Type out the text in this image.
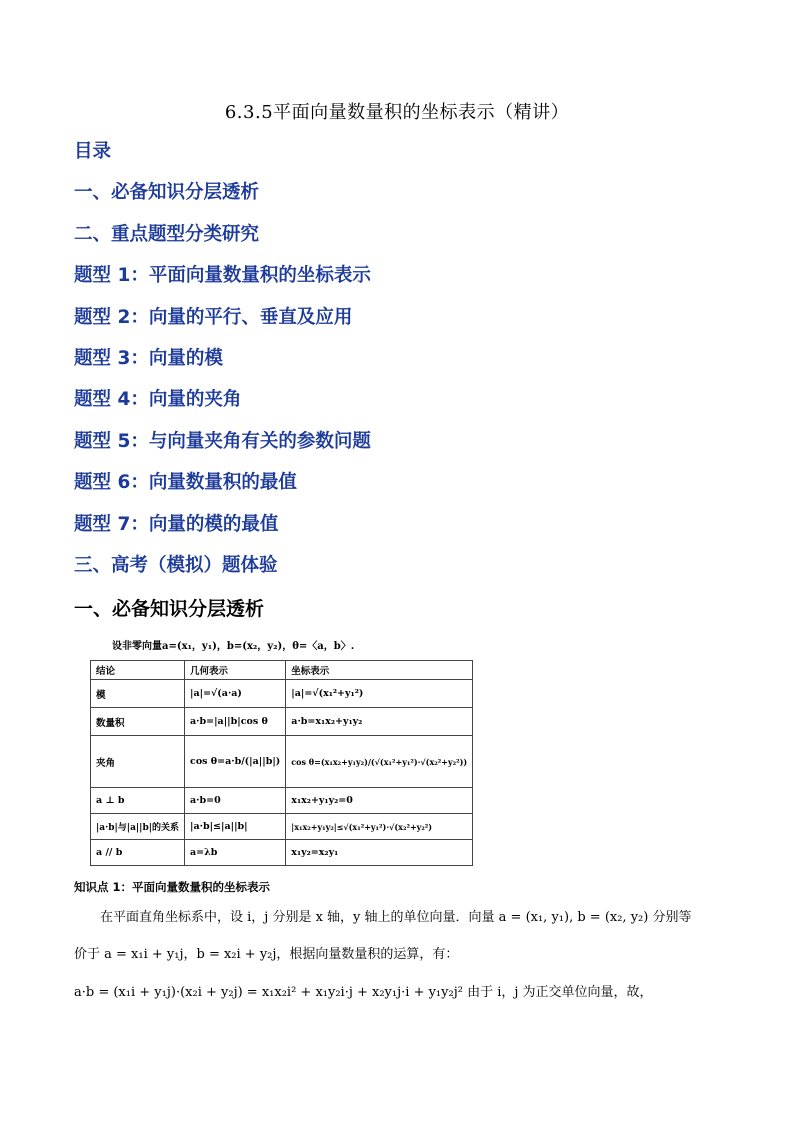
6.3.5平面向量数量积的坐标表示（精讲）
目录
一、必备知识分层透析
二、重点题型分类研究
题型 1：平面向量数量积的坐标表示
题型 2：向量的平行、垂直及应用
题型 3：向量的模
题型 4：向量的夹角
题型 5：与向量夹角有关的参数问题
题型 6：向量数量积的最值
题型 7：向量的模的最值
三、高考（模拟）题体验
一、必备知识分层透析
设非零向量a=(x₁，y₁)，b=(x₂，y₂)，θ=〈a，b〉.
结论	几何表示	坐标表示
模	|a|=√(a·a)	|a|=√(x₁²+y₁²)
数量积	a·b=|a||b|cos θ	a·b=x₁x₂+y₁y₂
夹角	cos θ=a·b/(|a||b|)	cos θ=(x₁x₂+y₁y₂)/(√(x₁²+y₁²)·√(x₂²+y₂²))
a ⊥ b	a·b=0	x₁x₂+y₁y₂=0
|a·b|与|a||b|的关系	|a·b|≤|a||b|	|x₁x₂+y₁y₂|≤√(x₁²+y₁²)·√(x₂²+y₂²)
a // b	a=λb	x₁y₂=x₂y₁
知识点 1：平面向量数量积的坐标表示
在平面直角坐标系中，设 i，j 分别是 x 轴，y 轴上的单位向量．向量 a = (x₁, y₁), b = (x₂, y₂) 分别等
价于 a = x₁i + y₁j，b = x₂i + y₂j，根据向量数量积的运算，有：
a·b = (x₁i + y₁j)·(x₂i + y₂j) = x₁x₂i² + x₁y₂i·j + x₂y₁j·i + y₁y₂j² 由于 i，j 为正交单位向量，故，
